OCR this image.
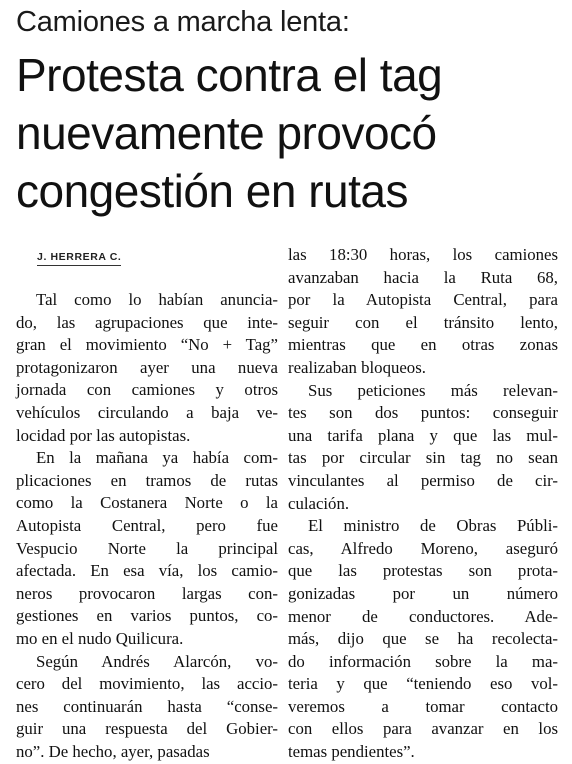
Camiones a marcha lenta:
Protesta contra el tag
nuevamente provocó
congestión en rutas
J. HERRERA C.
Tal como lo habían anuncia-
do, las agrupaciones que inte-
gran el movimiento “No + Tag”
protagonizaron ayer una nueva
jornada con camiones y otros
vehículos circulando a baja ve-
locidad por las autopistas.
En la mañana ya había com-
plicaciones en tramos de rutas
como la Costanera Norte o la
Autopista Central, pero fue
Vespucio Norte la principal
afectada. En esa vía, los camio-
neros provocaron largas con-
gestiones en varios puntos, co-
mo en el nudo Quilicura.
Según Andrés Alarcón, vo-
cero del movimiento, las accio-
nes continuarán hasta “conse-
guir una respuesta del Gobier-
no”. De hecho, ayer, pasadas
las 18:30 horas, los camiones
avanzaban hacia la Ruta 68,
por la Autopista Central, para
seguir con el tránsito lento,
mientras que en otras zonas
realizaban bloqueos.
Sus peticiones más relevan-
tes son dos puntos: conseguir
una tarifa plana y que las mul-
tas por circular sin tag no sean
vinculantes al permiso de cir-
culación.
El ministro de Obras Públi-
cas, Alfredo Moreno, aseguró
que las protestas son prota-
gonizadas por un número
menor de conductores. Ade-
más, dijo que se ha recolecta-
do información sobre la ma-
teria y que “teniendo eso vol-
veremos a tomar contacto
con ellos para avanzar en los
temas pendientes”.
